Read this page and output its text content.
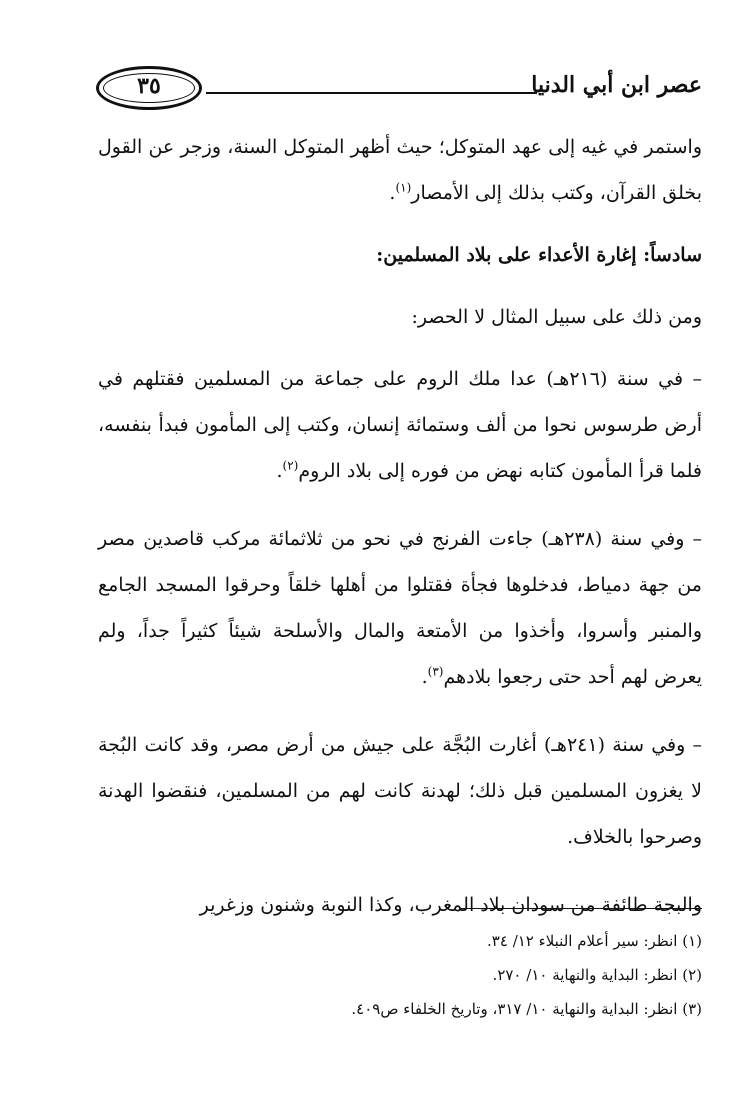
عصر ابن أبي الدنيا
٣٥

واستمر في غيه إلى عهد المتوكل؛ حيث أظهر المتوكل السنة، وزجر عن القول بخلق القرآن، وكتب بذلك إلى الأمصار$^{(١)}$.

سادساً: إغارة الأعداء على بلاد المسلمين:

ومن ذلك على سبيل المثال لا الحصر:

– في سنة (٢١٦هـ) عدا ملك الروم على جماعة من المسلمين فقتلهم في أرض طرسوس نحوا من ألف وستمائة إنسان، وكتب إلى المأمون فبدأ بنفسه، فلما قرأ المأمون كتابه نهض من فوره إلى بلاد الروم$^{(٢)}$.

– وفي سنة (٢٣٨هـ) جاءت الفرنج في نحو من ثلاثمائة مركب قاصدين مصر من جهة دمياط، فدخلوها فجأة فقتلوا من أهلها خلقاً وحرقوا المسجد الجامع والمنبر وأسروا، وأخذوا من الأمتعة والمال والأسلحة شيئاً كثيراً جداً، ولم يعرض لهم أحد حتى رجعوا بلادهم$^{(٣)}$.

– وفي سنة (٢٤١هـ) أغارت البُجَّة على جيش من أرض مصر، وقد كانت البُجة لا يغزون المسلمين قبل ذلك؛ لهدنة كانت لهم من المسلمين، فنقضوا الهدنة وصرحوا بالخلاف.

والبجة طائفة من سودان بلاد المغرب، وكذا النوبة وشنون وزغرير

(١) انظر: سير أعلام النبلاء ١٢/ ٣٤.
(٢) انظر: البداية والنهاية ١٠/ ٢٧٠.
(٣) انظر: البداية والنهاية ١٠/ ٣١٧، وتاريخ الخلفاء ص٤٠٩.
